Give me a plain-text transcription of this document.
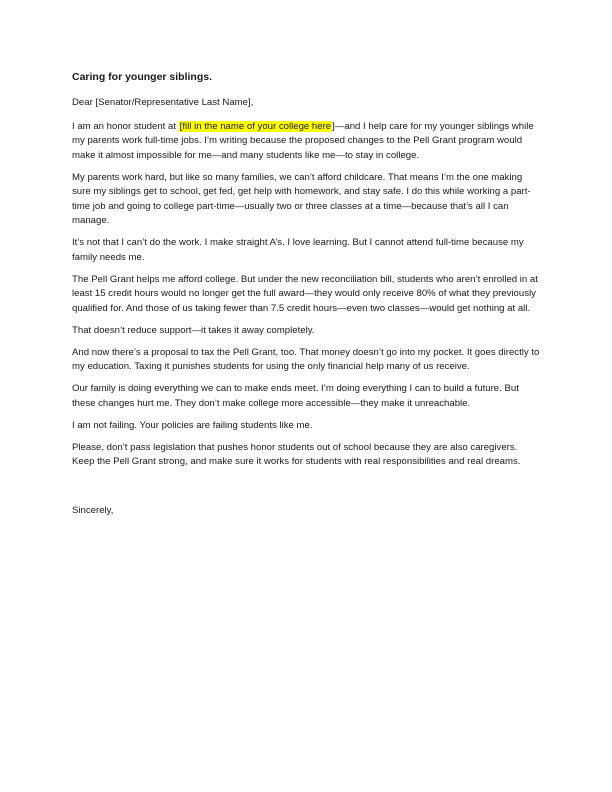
Caring for younger siblings.

Dear [Senator/Representative Last Name],

I am an honor student at [fill in the name of your college here]—and I help care for my younger siblings while my parents work full-time jobs. I’m writing because the proposed changes to the Pell Grant program would make it almost impossible for me—and many students like me—to stay in college.

My parents work hard, but like so many families, we can’t afford childcare. That means I’m the one making sure my siblings get to school, get fed, get help with homework, and stay safe. I do this while working a part-time job and going to college part-time—usually two or three classes at a time—because that’s all I can manage.

It’s not that I can’t do the work. I make straight A’s. I love learning. But I cannot attend full-time because my family needs me.

The Pell Grant helps me afford college. But under the new reconciliation bill, students who aren’t enrolled in at least 15 credit hours would no longer get the full award—they would only receive 80% of what they previously qualified for. And those of us taking fewer than 7.5 credit hours—even two classes—would get nothing at all.

That doesn’t reduce support—it takes it away completely.

And now there’s a proposal to tax the Pell Grant, too. That money doesn’t go into my pocket. It goes directly to my education. Taxing it punishes students for using the only financial help many of us receive.

Our family is doing everything we can to make ends meet. I’m doing everything I can to build a future. But these changes hurt me. They don’t make college more accessible—they make it unreachable.

I am not failing. Your policies are failing students like me.

Please, don’t pass legislation that pushes honor students out of school because they are also caregivers. Keep the Pell Grant strong, and make sure it works for students with real responsibilities and real dreams.

Sincerely,
